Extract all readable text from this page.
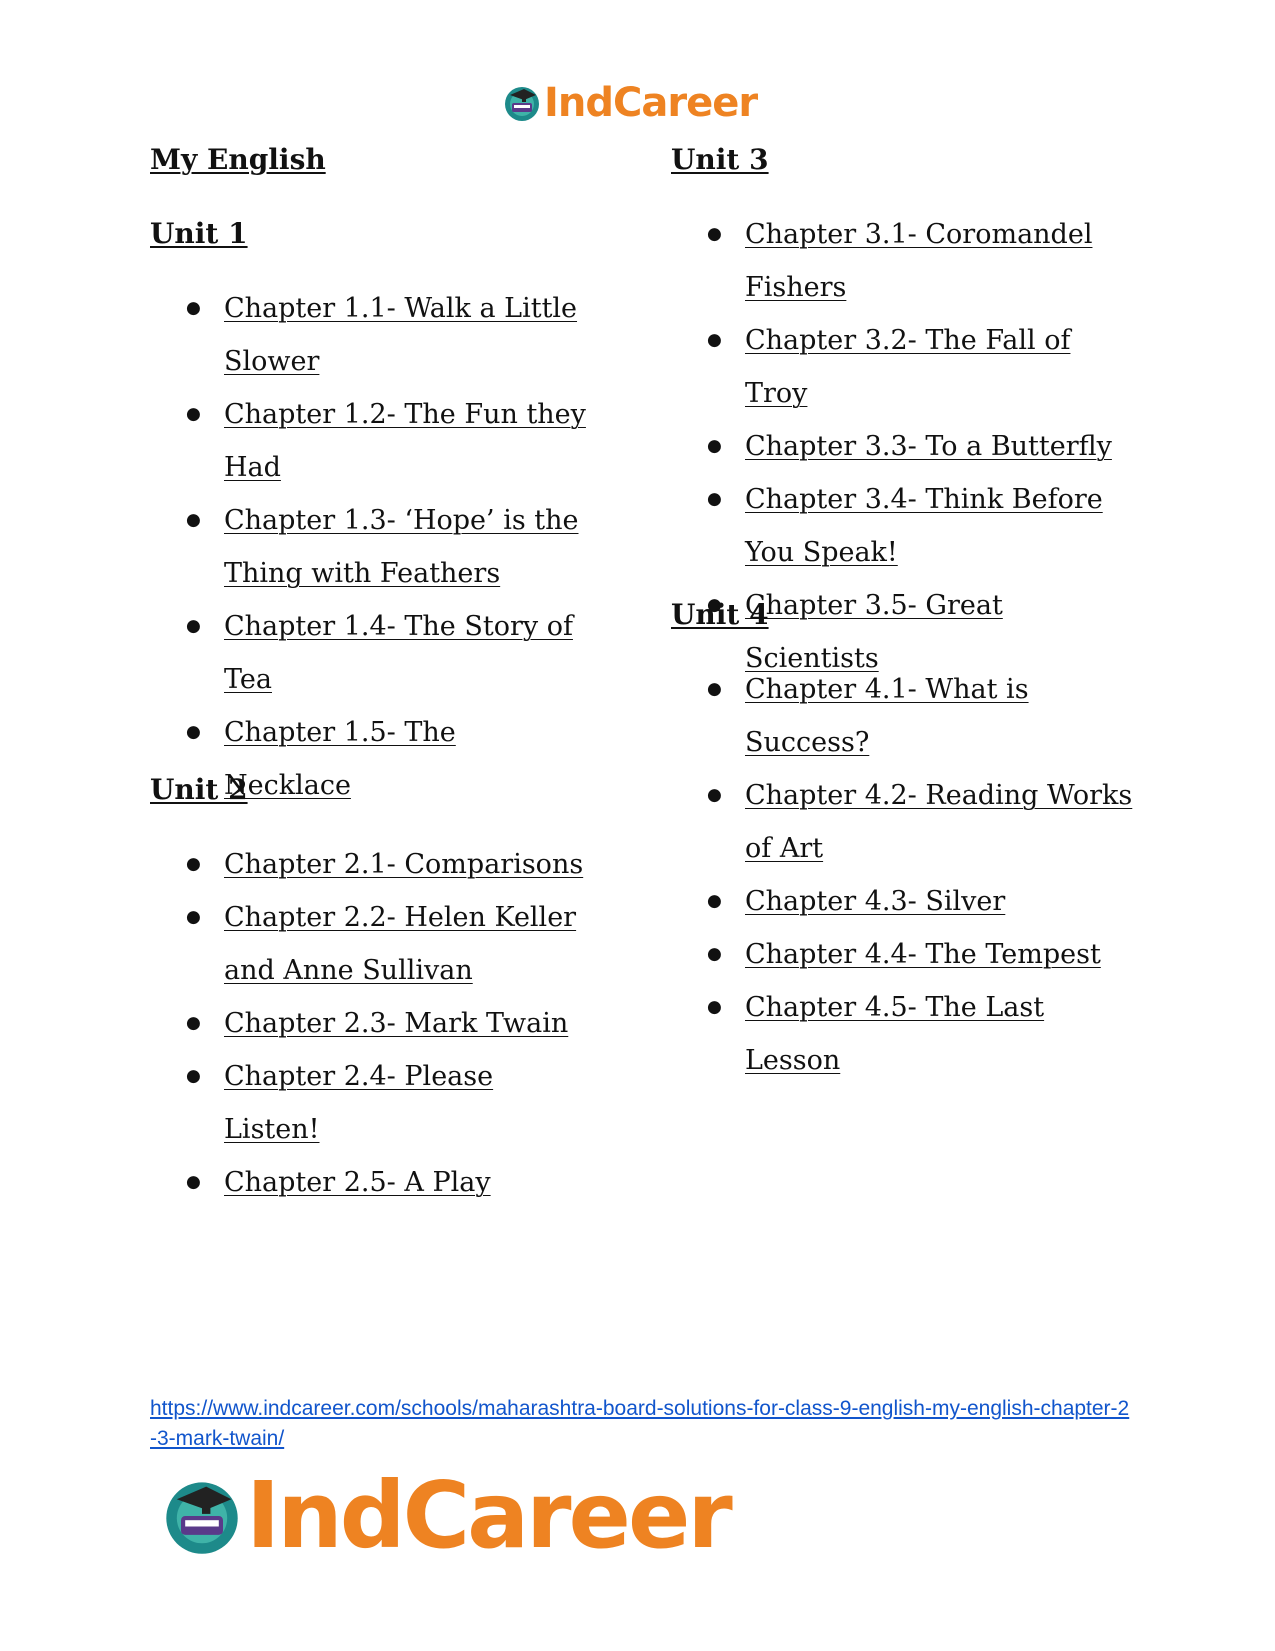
IndCareer
My English
Unit 1
● Chapter 1.1- Walk a Little Slower
● Chapter 1.2- The Fun they Had
● Chapter 1.3- ‘Hope’ is the Thing with Feathers
● Chapter 1.4- The Story of Tea
● Chapter 1.5- The Necklace
Unit 2
● Chapter 2.1- Comparisons
● Chapter 2.2- Helen Keller and Anne Sullivan
● Chapter 2.3- Mark Twain
● Chapter 2.4- Please Listen!
● Chapter 2.5- A Play
Unit 3
● Chapter 3.1- Coromandel Fishers
● Chapter 3.2- The Fall of Troy
● Chapter 3.3- To a Butterfly
● Chapter 3.4- Think Before You Speak!
● Chapter 3.5- Great Scientists
Unit 4
● Chapter 4.1- What is Success?
● Chapter 4.2- Reading Works of Art
● Chapter 4.3- Silver
● Chapter 4.4- The Tempest
● Chapter 4.5- The Last Lesson
https://www.indcareer.com/schools/maharashtra-board-solutions-for-class-9-english-my-english-chapter-2-3-mark-twain/
IndCareer
